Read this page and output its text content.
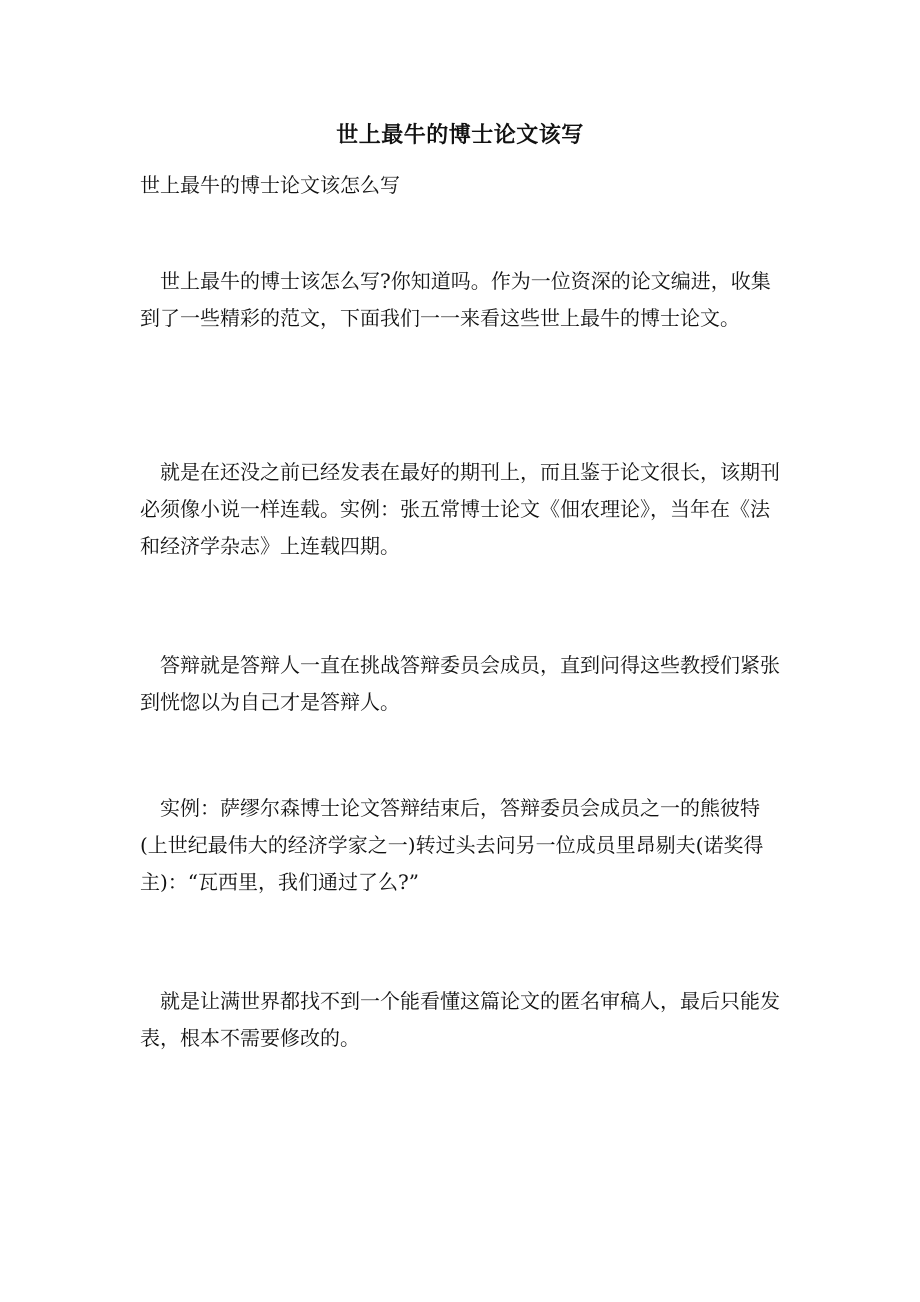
世上最牛的博士论文该写
世上最牛的博士论文该怎么写

世上最牛的博士该怎么写?你知道吗。作为一位资深的论文编进，收集到了一些精彩的范文，下面我们一一来看这些世上最牛的博士论文。

就是在还没之前已经发表在最好的期刊上，而且鉴于论文很长，该期刊必须像小说一样连载。实例：张五常博士论文《佃农理论》，当年在《法和经济学杂志》上连载四期。

答辩就是答辩人一直在挑战答辩委员会成员，直到问得这些教授们紧张到恍惚以为自己才是答辩人。

实例：萨缪尔森博士论文答辩结束后，答辩委员会成员之一的熊彼特(上世纪最伟大的经济学家之一)转过头去问另一位成员里昂剔夫(诺奖得主)：“瓦西里，我们通过了么?”

就是让满世界都找不到一个能看懂这篇论文的匿名审稿人，最后只能发表，根本不需要修改的。
